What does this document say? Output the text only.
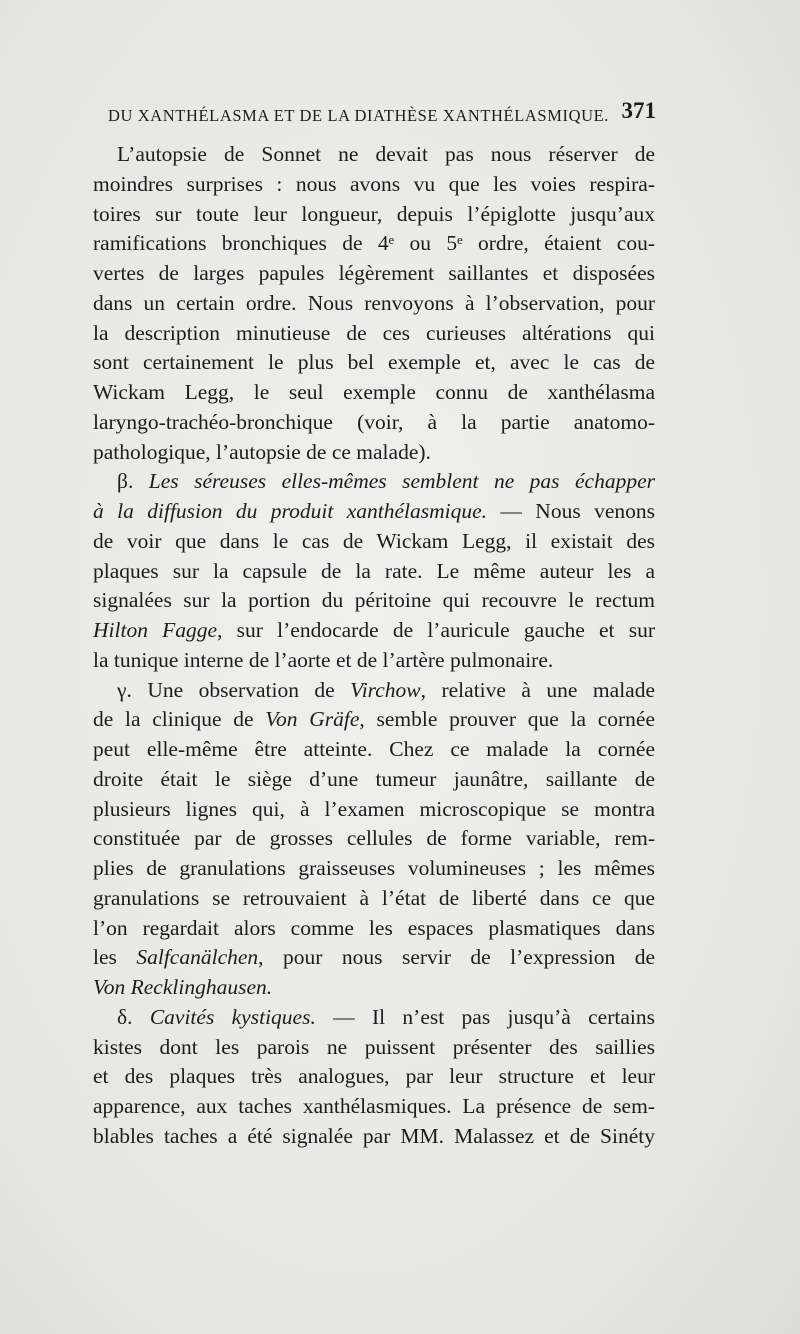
DU XANTHÉLASMA ET DE LA DIATHÈSE XANTHÉLASMIQUE. 371
L’autopsie de Sonnet ne devait pas nous réserver de
moindres surprises : nous avons vu que les voies respira-
toires sur toute leur longueur, depuis l’épiglotte jusqu’aux
ramifications bronchiques de 4ᵉ ou 5ᵉ ordre, étaient cou-
vertes de larges papules légèrement saillantes et disposées
dans un certain ordre. Nous renvoyons à l’observation, pour
la description minutieuse de ces curieuses altérations qui
sont certainement le plus bel exemple et, avec le cas de
Wickam Legg, le seul exemple connu de xanthélasma
laryngo-trachéo-bronchique (voir, à la partie anatomo-
pathologique, l’autopsie de ce malade).
β. Les séreuses elles-mêmes semblent ne pas échapper
à la diffusion du produit xanthélasmique. — Nous venons
de voir que dans le cas de Wickam Legg, il existait des
plaques sur la capsule de la rate. Le même auteur les a
signalées sur la portion du péritoine qui recouvre le rectum
Hilton Fagge, sur l’endocarde de l’auricule gauche et sur
la tunique interne de l’aorte et de l’artère pulmonaire.
γ. Une observation de Virchow, relative à une malade
de la clinique de Von Gräfe, semble prouver que la cornée
peut elle-même être atteinte. Chez ce malade la cornée
droite était le siège d’une tumeur jaunâtre, saillante de
plusieurs lignes qui, à l’examen microscopique se montra
constituée par de grosses cellules de forme variable, rem-
plies de granulations graisseuses volumineuses ; les mêmes
granulations se retrouvaient à l’état de liberté dans ce que
l’on regardait alors comme les espaces plasmatiques dans
les Salfcanälchen, pour nous servir de l’expression de
Von Recklinghausen.
δ. Cavités kystiques. — Il n’est pas jusqu’à certains
kistes dont les parois ne puissent présenter des saillies
et des plaques très analogues, par leur structure et leur
apparence, aux taches xanthélasmiques. La présence de sem-
blables taches a été signalée par MM. Malassez et de Sinéty
